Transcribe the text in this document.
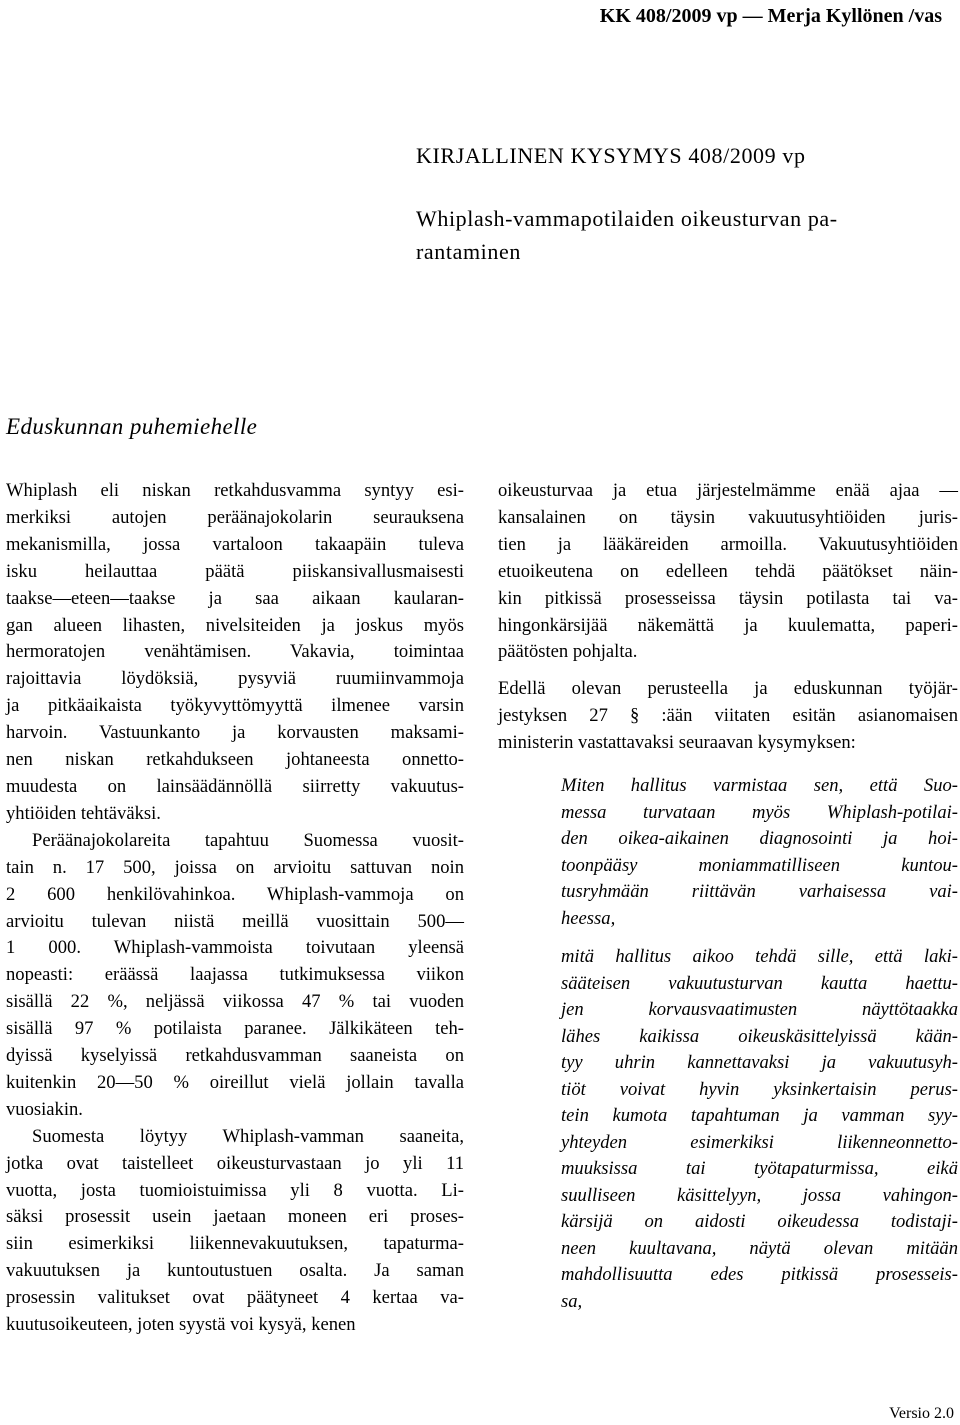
KK 408/2009 vp — Merja Kyllönen /vas
KIRJALLINEN KYSYMYS 408/2009 vp
Whiplash-vammapotilaiden oikeusturvan pa-
rantaminen
Eduskunnan puhemiehelle

Whiplash eli niskan retkahdusvamma syntyy esi-
merkiksi autojen peräänajokolarin seurauksena
mekanismilla, jossa vartaloon takaapäin tuleva
isku heilauttaa päätä piiskansivallusmaisesti
taakse—eteen—taakse ja saa aikaan kaularan-
gan alueen lihasten, nivelsiteiden ja joskus myös
hermoratojen venähtämisen. Vakavia, toimintaa
rajoittavia löydöksiä, pysyviä ruumiinvammoja
ja pitkäaikaista työkyvyttömyyttä ilmenee varsin
harvoin. Vastuunkanto ja korvausten maksami-
nen niskan retkahdukseen johtaneesta onnetto-
muudesta on lainsäädännöllä siirretty vakuutus-
yhtiöiden tehtäväksi.

Peräänajokolareita tapahtuu Suomessa vuosit-
tain n. 17 500, joissa on arvioitu sattuvan noin
2 600 henkilövahinkoa. Whiplash-vammoja on
arvioitu tulevan niistä meillä vuosittain 500—
1 000. Whiplash-vammoista toivutaan yleensä
nopeasti: eräässä laajassa tutkimuksessa viikon
sisällä 22 %, neljässä viikossa 47 % tai vuoden
sisällä 97 % potilaista paranee. Jälkikäteen teh-
dyissä kyselyissä retkahdusvamman saaneista on
kuitenkin 20—50 % oireillut vielä jollain tavalla
vuosiakin.

Suomesta löytyy Whiplash-vamman saaneita,
jotka ovat taistelleet oikeusturvastaan jo yli 11
vuotta, josta tuomioistuimissa yli 8 vuotta. Li-
säksi prosessit usein jaetaan moneen eri proses-
siin esimerkiksi liikennevakuutuksen, tapaturma-
vakuutuksen ja kuntoutustuen osalta. Ja saman
prosessin valitukset ovat päätyneet 4 kertaa va-
kuutusoikeuteen, joten syystä voi kysyä, kenen

oikeusturvaa ja etua järjestelmämme enää ajaa —
kansalainen on täysin vakuutusyhtiöiden juris-
tien ja lääkäreiden armoilla. Vakuutusyhtiöiden
etuoikeutena on edelleen tehdä päätökset näin-
kin pitkissä prosesseissa täysin potilasta tai va-
hingonkärsijää näkemättä ja kuulematta, paperi-
päätösten pohjalta.

Edellä olevan perusteella ja eduskunnan työjär-
jestyksen 27 § :ään viitaten esitän asianomaisen
ministerin vastattavaksi seuraavan kysymyksen:

Miten hallitus varmistaa sen, että Suo-
messa turvataan myös Whiplash-potilai-
den oikea-aikainen diagnosointi ja hoi-
toonpääsy moniammatilliseen kuntou-
tusryhmään riittävän varhaisessa vai-
heessa,

mitä hallitus aikoo tehdä sille, että laki-
sääteisen vakuutusturvan kautta haettu-
jen korvausvaatimusten näyttötaakka
lähes kaikissa oikeuskäsittelyissä kään-
tyy uhrin kannettavaksi ja vakuutusyh-
tiöt voivat hyvin yksinkertaisin perus-
tein kumota tapahtuman ja vamman syy-
yhteyden esimerkiksi liikenneonnetto-
muuksissa tai työtapaturmissa, eikä
suulliseen käsittelyyn, jossa vahingon-
kärsijä on aidosti oikeudessa todistaji-
neen kuultavana, näytä olevan mitään
mahdollisuutta edes pitkissä prosesseis-
sa,

Versio 2.0
